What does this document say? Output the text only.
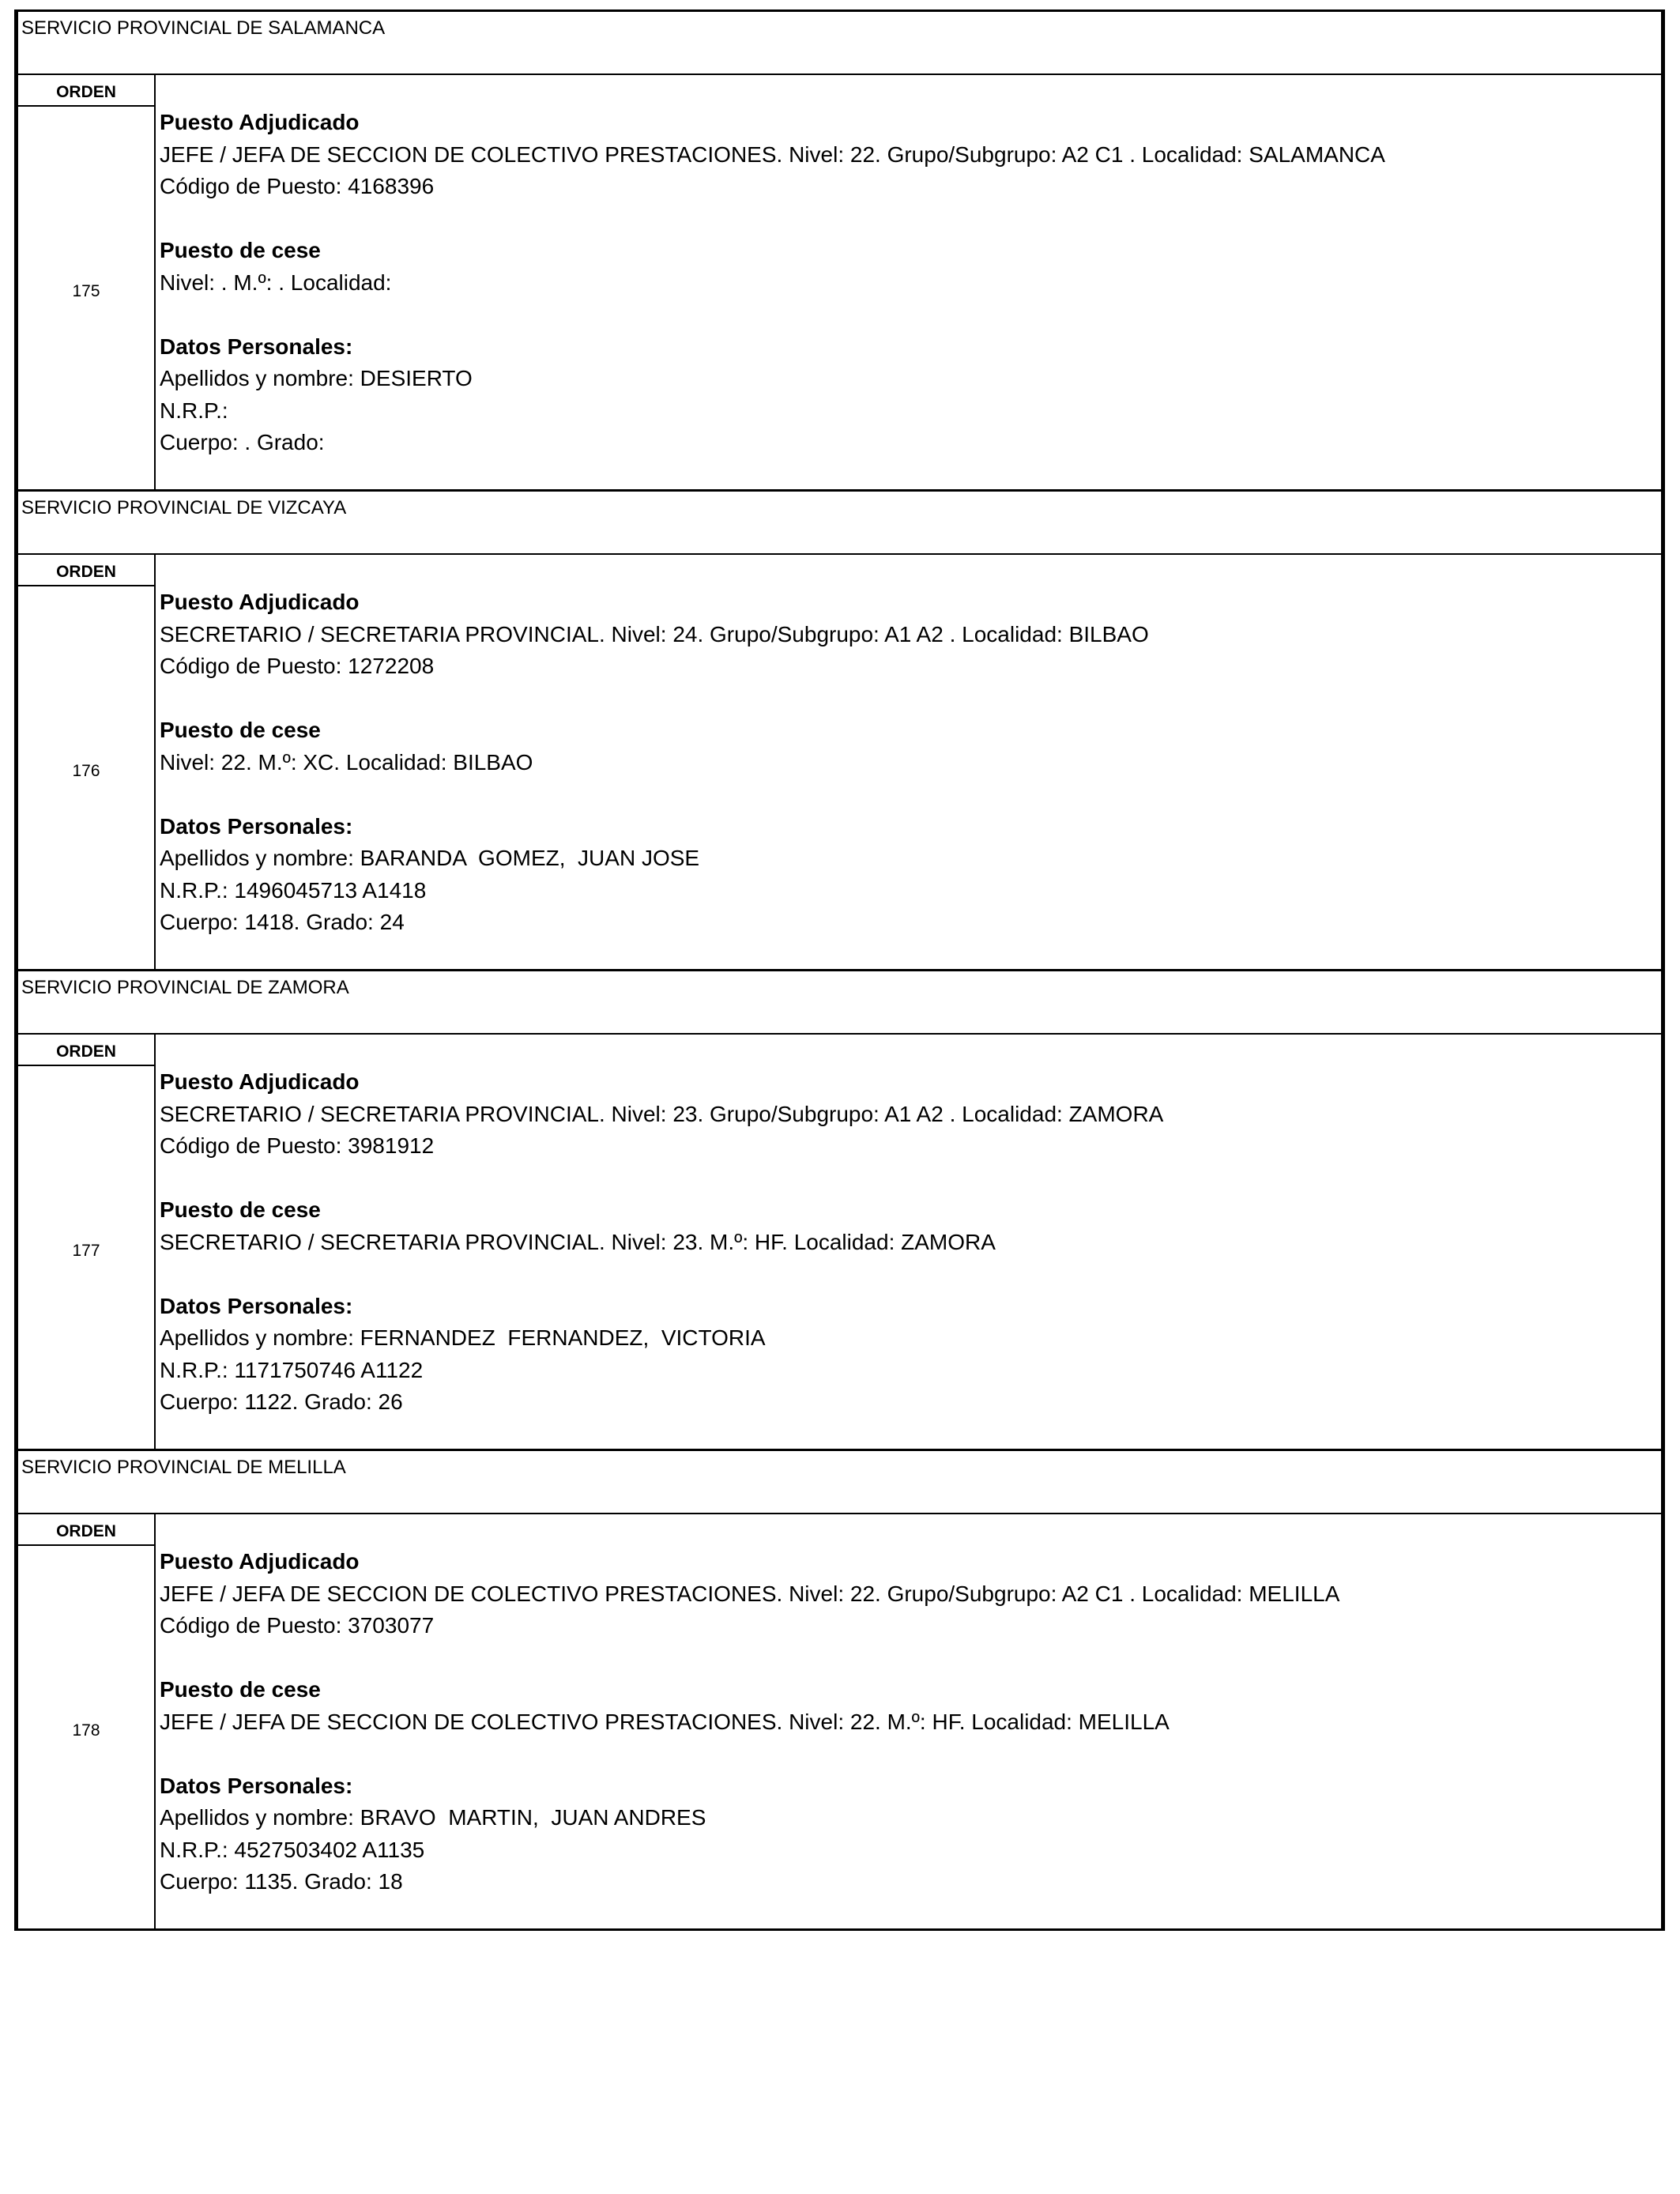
SERVICIO PROVINCIAL DE SALAMANCA
ORDEN
175
Puesto Adjudicado
JEFE / JEFA DE SECCION DE COLECTIVO PRESTACIONES. Nivel: 22. Grupo/Subgrupo: A2 C1 . Localidad: SALAMANCA
Código de Puesto: 4168396
Puesto de cese
Nivel: . M.º: . Localidad:
Datos Personales:
Apellidos y nombre: DESIERTO
N.R.P.:
Cuerpo: . Grado:
SERVICIO PROVINCIAL DE VIZCAYA
ORDEN
176
Puesto Adjudicado
SECRETARIO / SECRETARIA PROVINCIAL. Nivel: 24. Grupo/Subgrupo: A1 A2 . Localidad: BILBAO
Código de Puesto: 1272208
Puesto de cese
Nivel: 22. M.º: XC. Localidad: BILBAO
Datos Personales:
Apellidos y nombre: BARANDA  GOMEZ,  JUAN JOSE
N.R.P.: 1496045713 A1418
Cuerpo: 1418. Grado: 24
SERVICIO PROVINCIAL DE ZAMORA
ORDEN
177
Puesto Adjudicado
SECRETARIO / SECRETARIA PROVINCIAL. Nivel: 23. Grupo/Subgrupo: A1 A2 . Localidad: ZAMORA
Código de Puesto: 3981912
Puesto de cese
SECRETARIO / SECRETARIA PROVINCIAL. Nivel: 23. M.º: HF. Localidad: ZAMORA
Datos Personales:
Apellidos y nombre: FERNANDEZ  FERNANDEZ,  VICTORIA
N.R.P.: 1171750746 A1122
Cuerpo: 1122. Grado: 26
SERVICIO PROVINCIAL DE MELILLA
ORDEN
178
Puesto Adjudicado
JEFE / JEFA DE SECCION DE COLECTIVO PRESTACIONES. Nivel: 22. Grupo/Subgrupo: A2 C1 . Localidad: MELILLA
Código de Puesto: 3703077
Puesto de cese
JEFE / JEFA DE SECCION DE COLECTIVO PRESTACIONES. Nivel: 22. M.º: HF. Localidad: MELILLA
Datos Personales:
Apellidos y nombre: BRAVO  MARTIN,  JUAN ANDRES
N.R.P.: 4527503402 A1135
Cuerpo: 1135. Grado: 18
